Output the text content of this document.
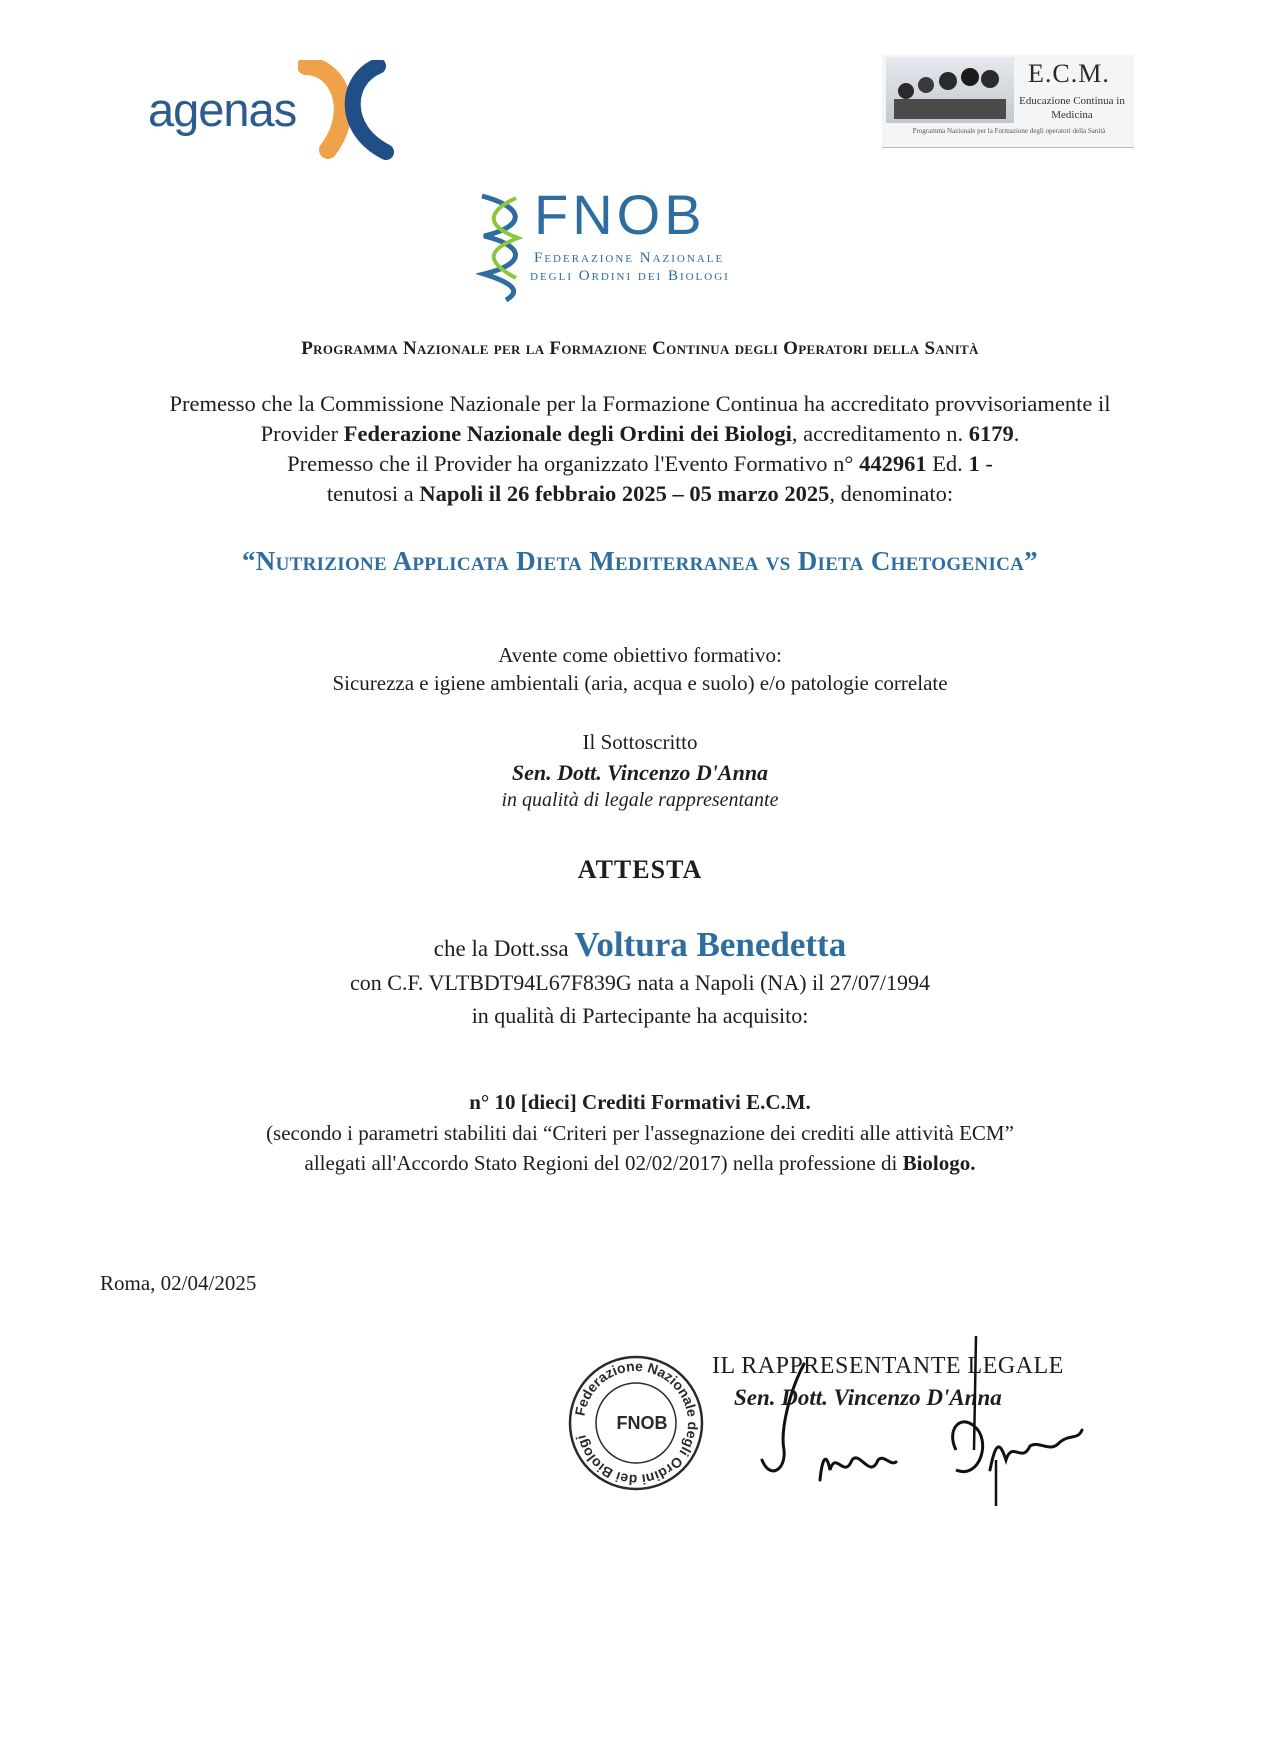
agenas
E.C.M.
Educazione Continua in Medicina
Programma Nazionale per la Formazione degli operatori della Sanità
FNOB
Federazione Nazionale
degli Ordini dei Biologi
Programma Nazionale per la Formazione Continua degli Operatori della Sanità
Premesso che la Commissione Nazionale per la Formazione Continua ha accreditato provvisoriamente il
Provider Federazione Nazionale degli Ordini dei Biologi, accreditamento n. 6179.
Premesso che il Provider ha organizzato l'Evento Formativo n° 442961 Ed. 1 -
tenutosi a Napoli il 26 febbraio 2025 – 05 marzo 2025, denominato:
“Nutrizione Applicata Dieta Mediterranea vs Dieta Chetogenica”
Avente come obiettivo formativo:
Sicurezza e igiene ambientali (aria, acqua e suolo) e/o patologie correlate
Il Sottoscritto
Sen. Dott. Vincenzo D'Anna
in qualità di legale rappresentante
ATTESTA
che la Dott.ssa Voltura Benedetta
con C.F. VLTBDT94L67F839G nata a Napoli (NA) il 27/07/1994
in qualità di Partecipante ha acquisito:
n° 10 [dieci] Crediti Formativi E.C.M.
(secondo i parametri stabiliti dai “Criteri per l'assegnazione dei crediti alle attività ECM”
allegati all'Accordo Stato Regioni del 02/02/2017) nella professione di Biologo.
Roma, 02/04/2025
Federazione Nazionale degli Ordini dei Biologi
FNOB
IL RAPPRESENTANTE LEGALE
Sen. Dott. Vincenzo D'Anna
